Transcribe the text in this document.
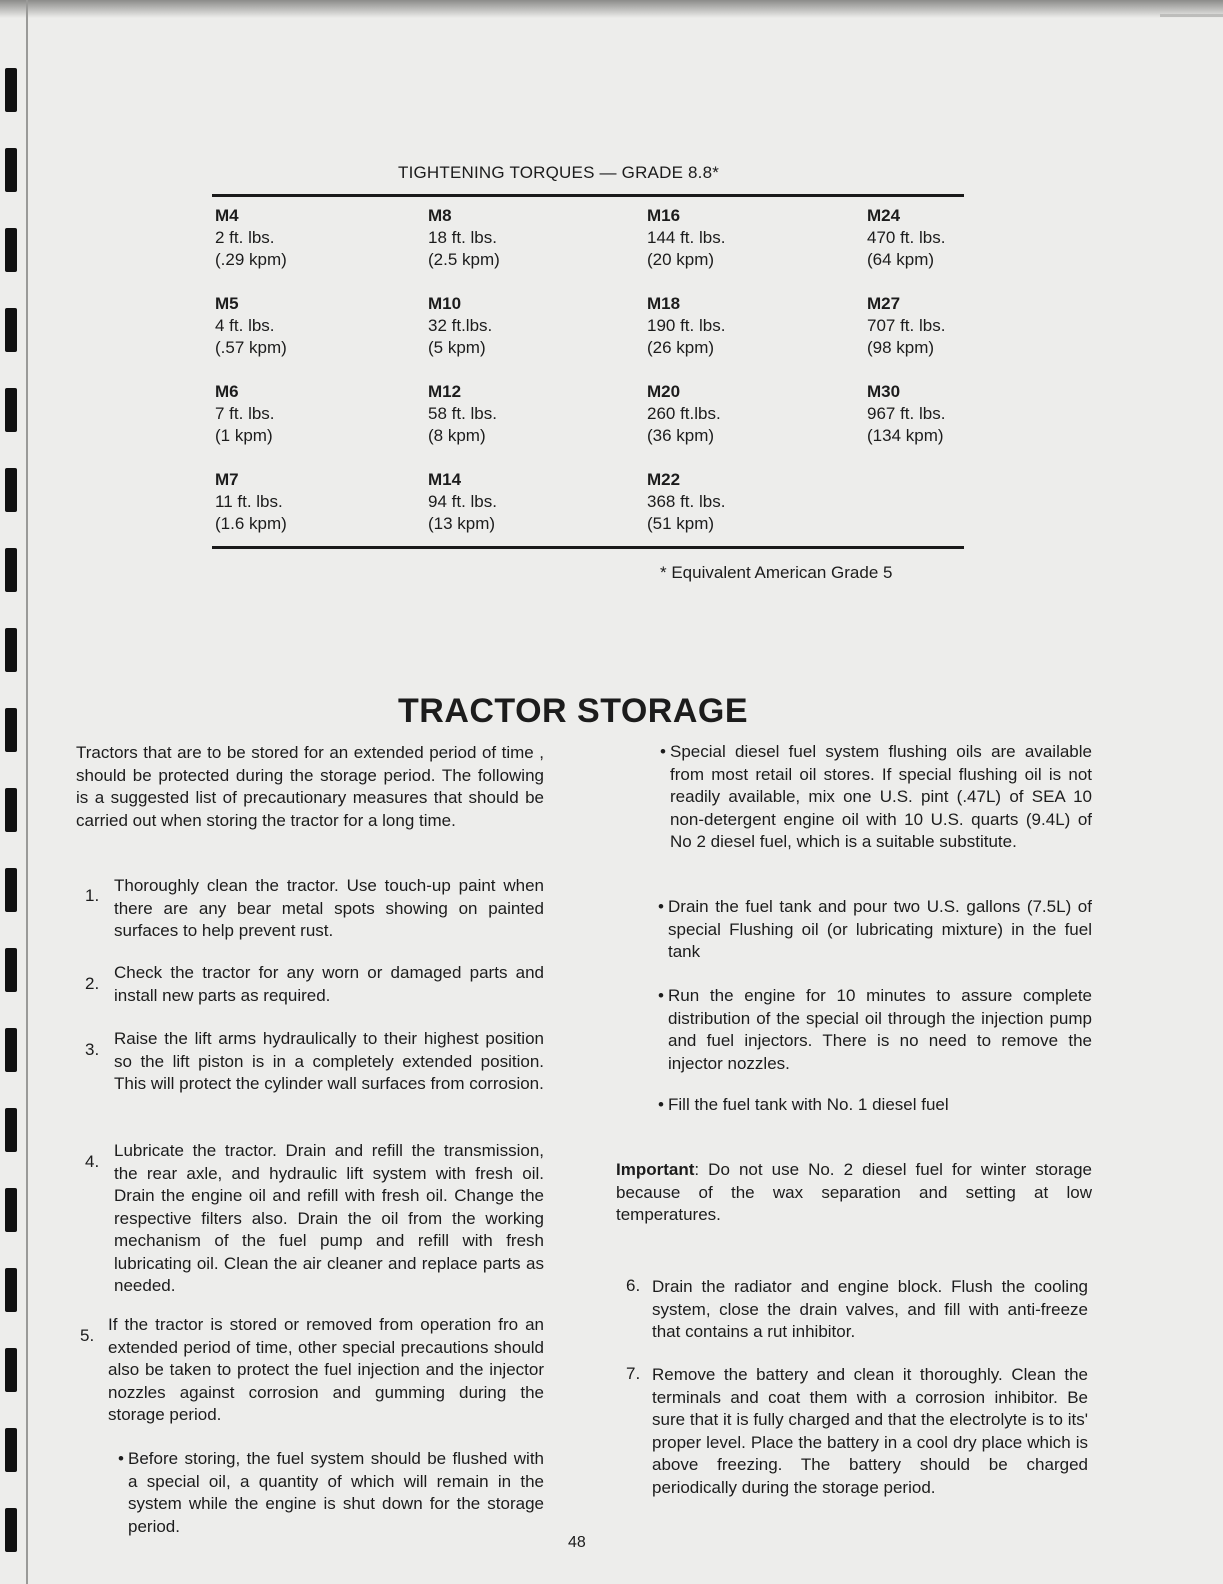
TIGHTENING TORQUES — GRADE 8.8*
M4
2 ft. lbs.
(.29 kpm)
M5
4 ft. lbs.
(.57 kpm)
M6
7 ft. lbs.
(1 kpm)
M7
11 ft. lbs.
(1.6 kpm)
M8
18 ft. lbs.
(2.5 kpm)
M10
32 ft.lbs.
(5 kpm)
M12
58 ft. lbs.
(8 kpm)
M14
94 ft. lbs.
(13 kpm)
M16
144 ft. lbs.
(20 kpm)
M18
190 ft. lbs.
(26 kpm)
M20
260 ft.lbs.
(36 kpm)
M22
368 ft. lbs.
(51 kpm)
M24
470 ft. lbs.
(64 kpm)
M27
707 ft. lbs.
(98 kpm)
M30
967 ft. lbs.
(134 kpm)
* Equivalent American Grade 5
TRACTOR STORAGE
Tractors that are to be stored for an extended period of time , should be protected during the storage period. The following is a suggested list of precautionary measures that should be carried out when storing the tractor for a long time.
1.
Thoroughly clean the tractor. Use touch-up paint when there are any bear metal spots showing on painted surfaces to help prevent rust.
2.
Check the tractor for any worn or damaged parts and install new parts as required.
3.
Raise the lift arms hydraulically to their highest position so the lift piston is in a completely extended position. This will protect the cylinder wall surfaces from corrosion.
4.
Lubricate the tractor. Drain and refill the transmission, the rear axle, and hydraulic lift system with fresh oil. Drain the engine oil and refill with fresh oil. Change the respective filters also. Drain the oil from the working mechanism of the fuel pump and refill with fresh lubricating oil. Clean the air cleaner and replace parts as needed.
5.
If the tractor is stored or removed from operation fro an extended period of time, other special precautions should also be taken to protect the fuel injection and the injector nozzles against corrosion and gumming during the storage period.
• Before storing, the fuel system should be flushed with a special oil, a quantity of which will remain in the system while the engine is shut down for the storage period.
• Special diesel fuel system flushing oils are available from most retail oil stores. If special flushing oil is not readily available, mix one U.S. pint (.47L) of SEA 10 non-detergent engine oil with 10 U.S. quarts (9.4L) of No 2 diesel fuel, which is a suitable substitute.
• Drain the fuel tank and pour two U.S. gallons (7.5L) of special Flushing oil (or lubricating mixture) in the fuel tank
• Run the engine for 10 minutes to assure complete distribution of the special oil through the injection pump and fuel injectors. There is no need to remove the injector nozzles.
• Fill the fuel tank with No. 1 diesel fuel
Important: Do not use No. 2 diesel fuel for winter storage because of the wax separation and setting at low temperatures.
6. Drain the radiator and engine block. Flush the cooling system, close the drain valves, and fill with anti-freeze that contains a rut inhibitor.
7. Remove the battery and clean it thoroughly. Clean the terminals and coat them with a corrosion inhibitor. Be sure that it is fully charged and that the electrolyte is to its' proper level. Place the battery in a cool dry place which is above freezing. The battery should be charged periodically during the storage period.
48
